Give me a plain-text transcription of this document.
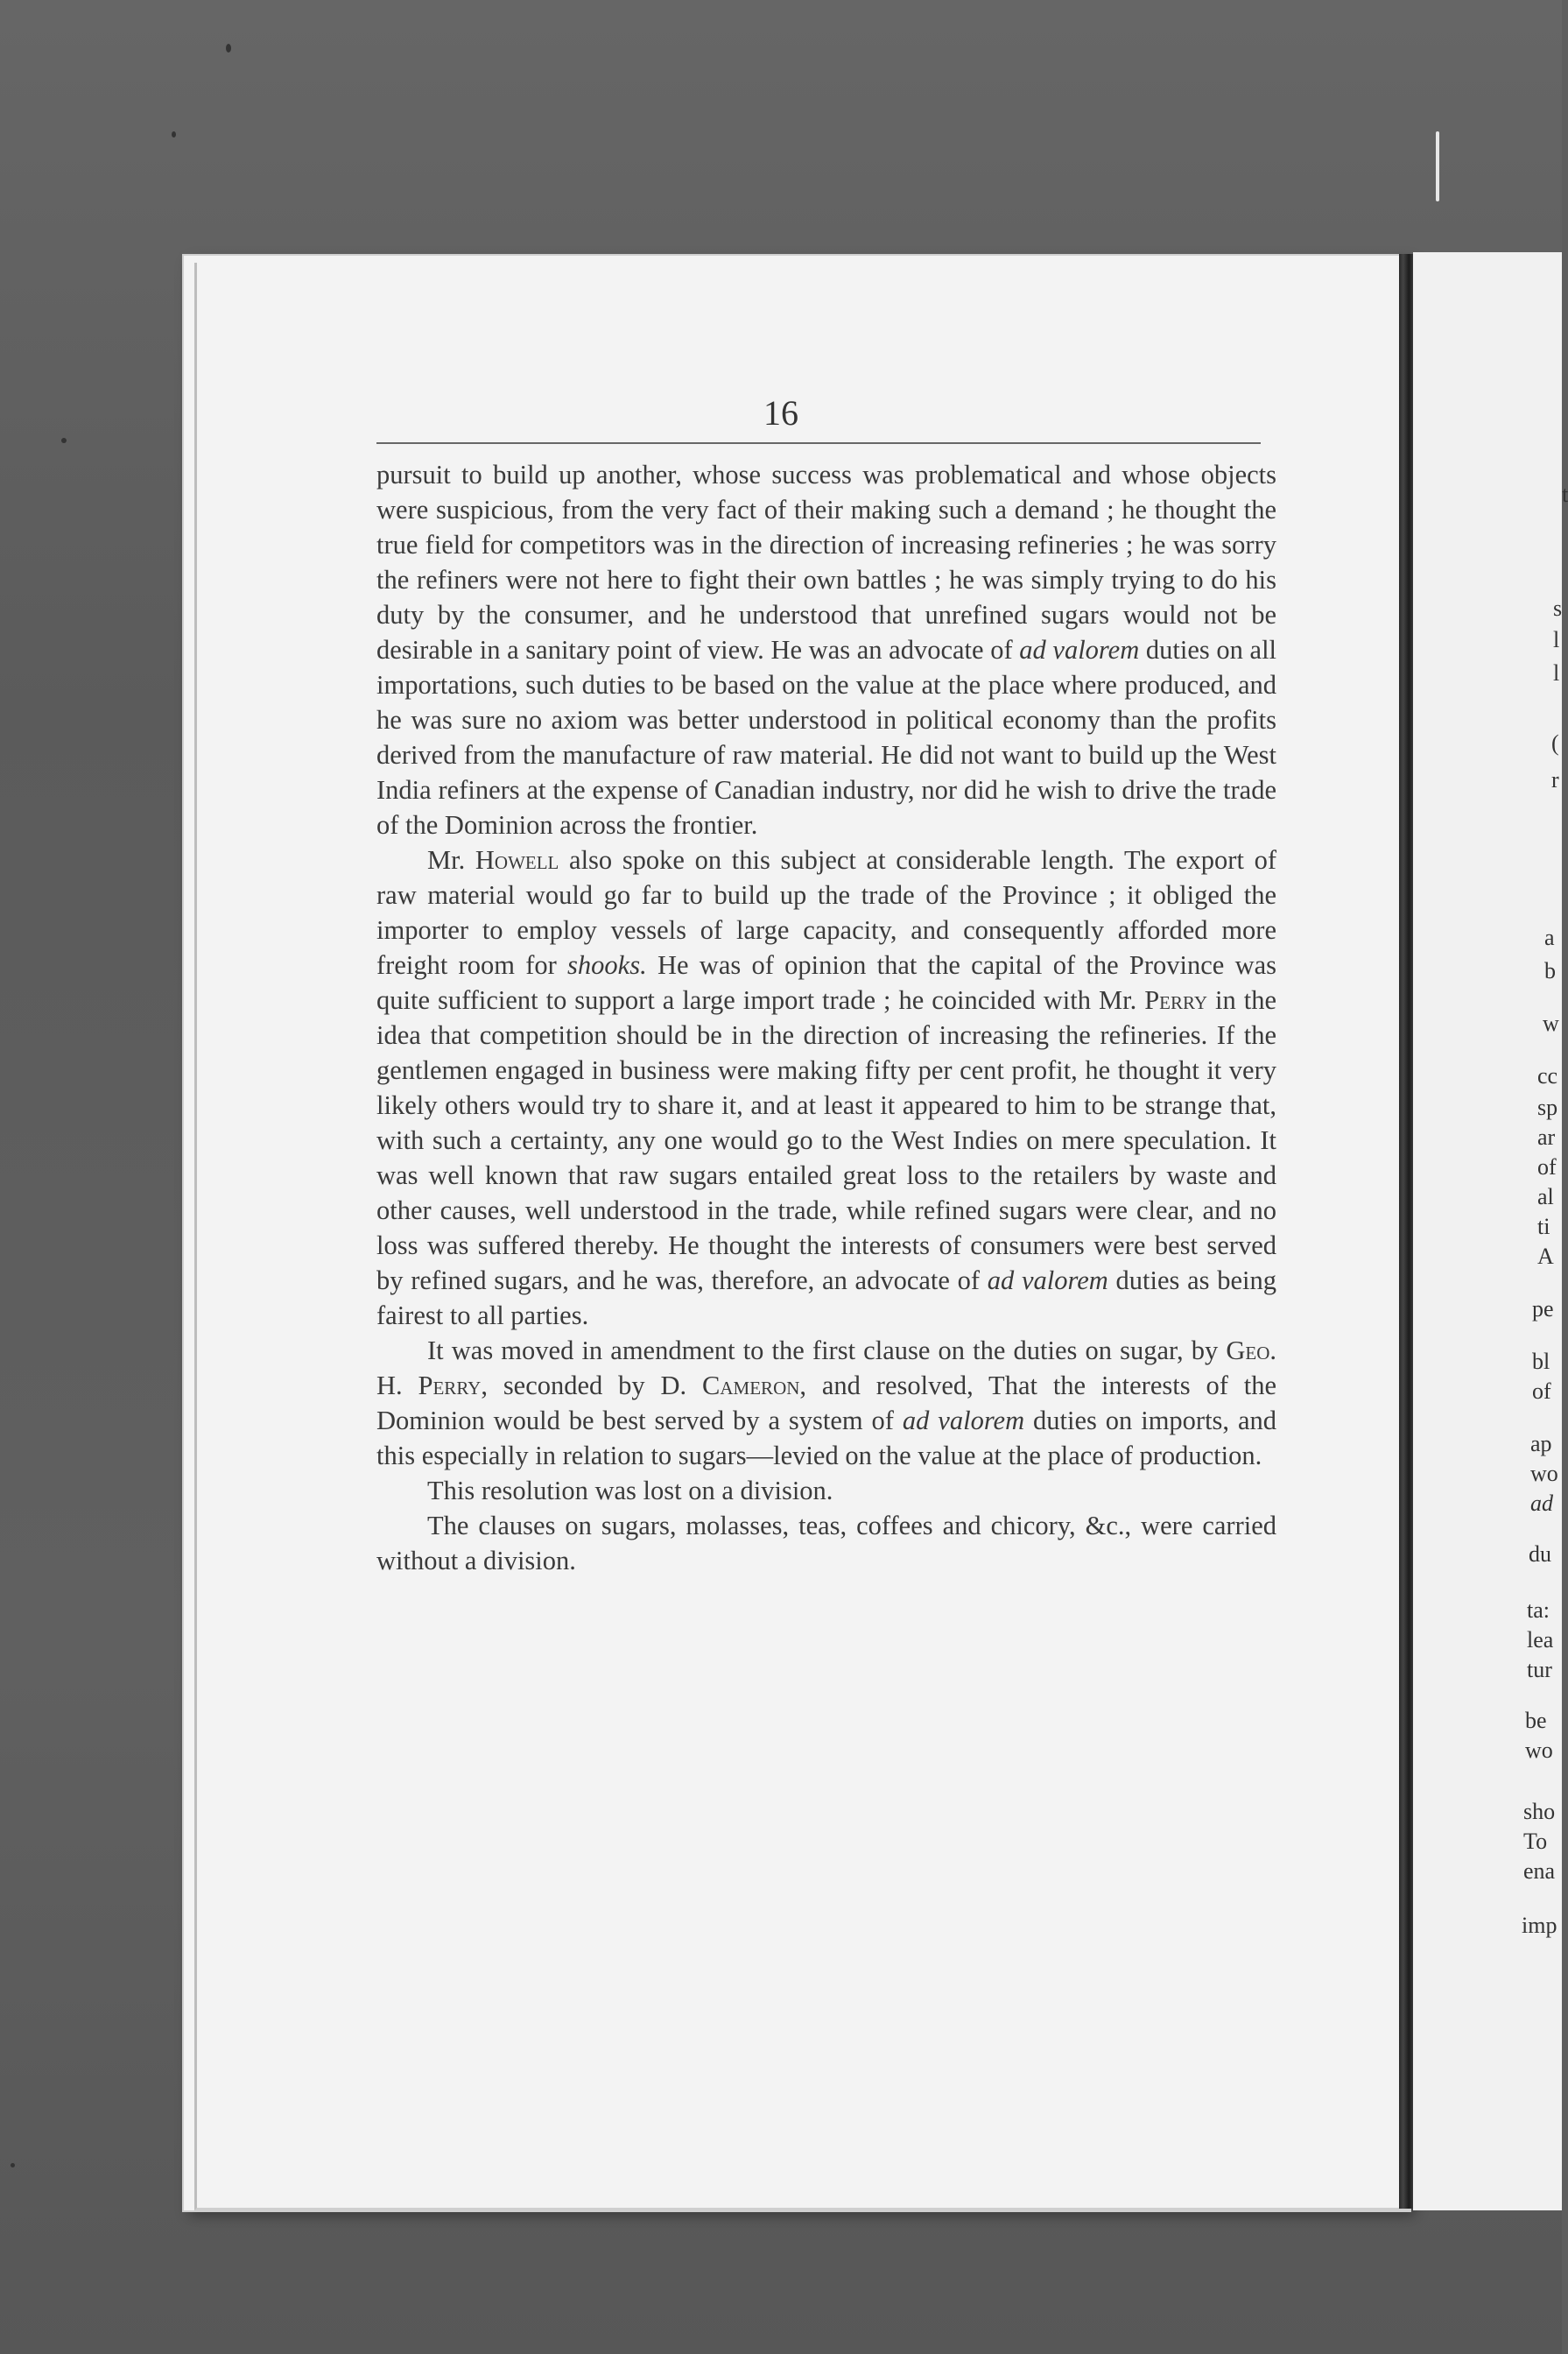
t
s
l
l
(
r
a
b
w
cc
sp
ar
of
al
ti
A
pe
bl
of
ap
wo
ad
du
ta:
lea
tur
be
wo
sho
To
ena
imp
16

pursuit to build up another, whose success was problematical and whose objects were suspicious, from the very fact of their making such a demand ; he thought the true field for competitors was in the direction of increasing refineries ; he was sorry the refiners were not here to fight their own battles ; he was simply trying to do his duty by the consumer, and he understood that unrefined sugars would not be desirable in a sanitary point of view. He was an advocate of ad valorem duties on all importations, such duties to be based on the value at the place where produced, and he was sure no axiom was better understood in political economy than the profits derived from the manufacture of raw material. He did not want to build up the West India refiners at the expense of Canadian industry, nor did he wish to drive the trade of the Dominion across the frontier.

Mr. Howell also spoke on this subject at considerable length. The export of raw material would go far to build up the trade of the Province ; it obliged the importer to employ vessels of large capacity, and consequently afforded more freight room for shooks. He was of opinion that the capital of the Province was quite sufficient to support a large import trade ; he coincided with Mr. Perry in the idea that competition should be in the direction of increasing the refineries. If the gentlemen engaged in business were making fifty per cent profit, he thought it very likely others would try to share it, and at least it appeared to him to be strange that, with such a certainty, any one would go to the West Indies on mere speculation. It was well known that raw sugars entailed great loss to the retailers by waste and other causes, well understood in the trade, while refined sugars were clear, and no loss was suffered thereby. He thought the interests of consumers were best served by refined sugars, and he was, therefore, an advocate of ad valorem duties as being fairest to all parties.

It was moved in amendment to the first clause on the duties on sugar, by Geo. H. Perry, seconded by D. Cameron, and resolved, That the interests of the Dominion would be best served by a system of ad valorem duties on imports, and this especially in relation to sugars—levied on the value at the place of production.

This resolution was lost on a division.

The clauses on sugars, molasses, teas, coffees and chicory, &c., were carried without a division.
